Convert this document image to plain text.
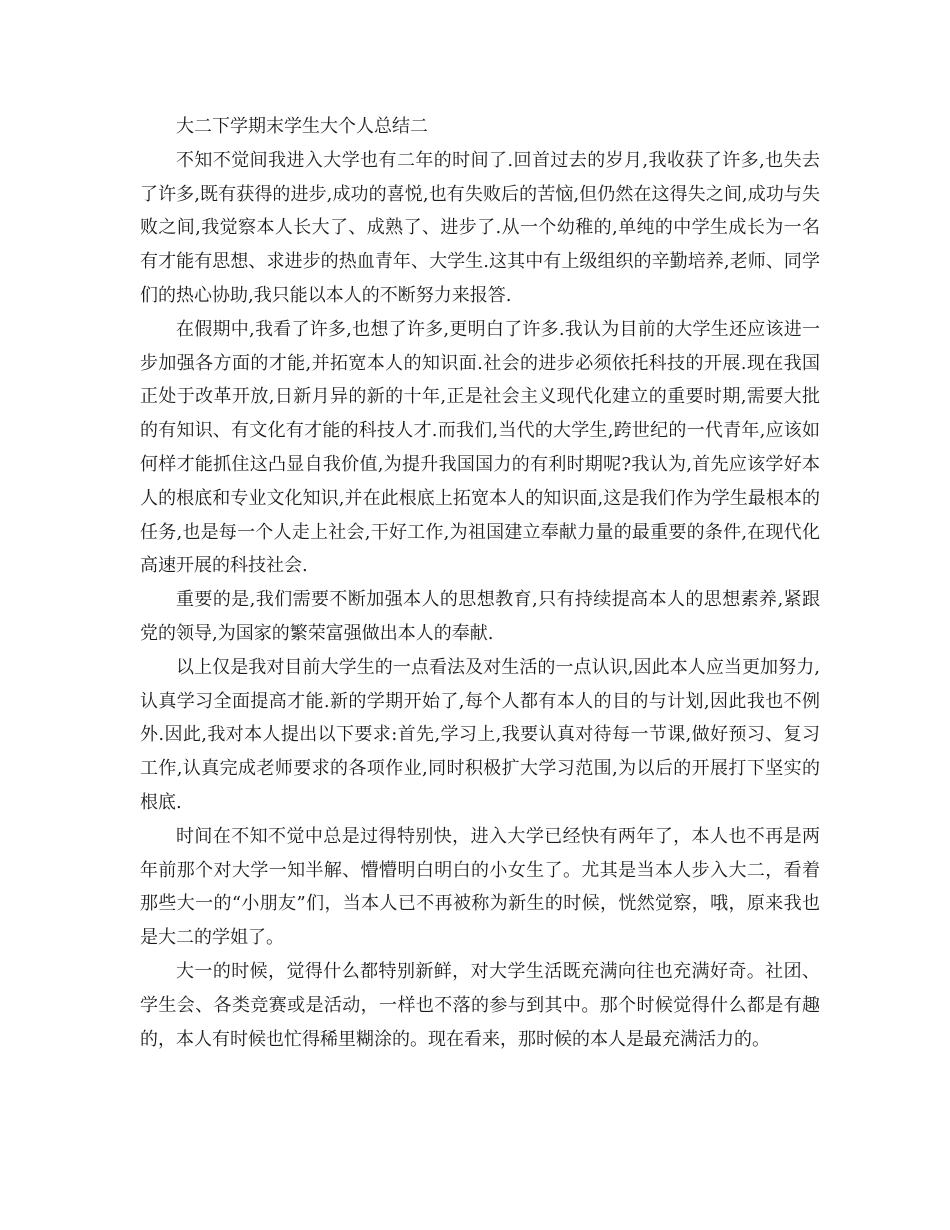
大二下学期末学生大个人总结二

不知不觉间我进入大学也有二年的时间了.回首过去的岁月,我收获了许多,也失去了许多,既有获得的进步,成功的喜悦,也有失败后的苦恼,但仍然在这得失之间,成功与失败之间,我觉察本人长大了、成熟了、进步了.从一个幼稚的,单纯的中学生成长为一名有才能有思想、求进步的热血青年、大学生.这其中有上级组织的辛勤培养,老师、同学们的热心协助,我只能以本人的不断努力来报答.

在假期中,我看了许多,也想了许多,更明白了许多.我认为目前的大学生还应该进一步加强各方面的才能,并拓宽本人的知识面.社会的进步必须依托科技的开展.现在我国正处于改革开放,日新月异的新的十年,正是社会主义现代化建立的重要时期,需要大批的有知识、有文化有才能的科技人才.而我们,当代的大学生,跨世纪的一代青年,应该如何样才能抓住这凸显自我价值,为提升我国国力的有利时期呢?我认为,首先应该学好本人的根底和专业文化知识,并在此根底上拓宽本人的知识面,这是我们作为学生最根本的任务,也是每一个人走上社会,干好工作,为祖国建立奉献力量的最重要的条件,在现代化高速开展的科技社会.

重要的是,我们需要不断加强本人的思想教育,只有持续提高本人的思想素养,紧跟党的领导,为国家的繁荣富强做出本人的奉献.

以上仅是我对目前大学生的一点看法及对生活的一点认识,因此本人应当更加努力,认真学习全面提高才能.新的学期开始了,每个人都有本人的目的与计划,因此我也不例外.因此,我对本人提出以下要求:首先,学习上,我要认真对待每一节课,做好预习、复习工作,认真完成老师要求的各项作业,同时积极扩大学习范围,为以后的开展打下坚实的根底.

时间在不知不觉中总是过得特别快，进入大学已经快有两年了，本人也不再是两年前那个对大学一知半解、懵懵明白明白的小女生了。尤其是当本人步入大二，看着那些大一的“小朋友”们，当本人已不再被称为新生的时候，恍然觉察，哦，原来我也是大二的学姐了。

大一的时候，觉得什么都特别新鲜，对大学生活既充满向往也充满好奇。社团、学生会、各类竞赛或是活动，一样也不落的参与到其中。那个时候觉得什么都是有趣的，本人有时候也忙得稀里糊涂的。现在看来，那时候的本人是最充满活力的。
